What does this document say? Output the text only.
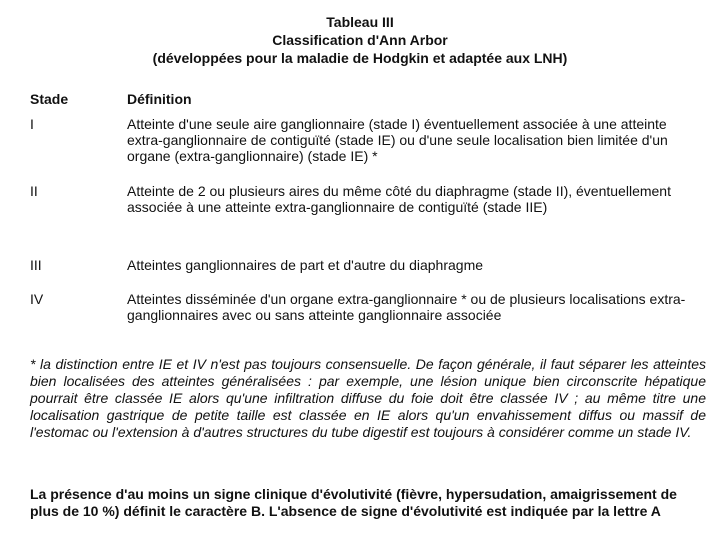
Tableau III
Classification d'Ann Arbor
(développées pour la maladie de Hodgkin et adaptée aux LNH)
Stade	Définition
I	Atteinte d'une seule aire ganglionnaire (stade I) éventuellement associée à une atteinte extra-ganglionnaire de contiguïté (stade IE) ou d'une seule localisation bien limitée d'un organe (extra-ganglionnaire) (stade IE) *
II	Atteinte de 2 ou plusieurs aires du même côté du diaphragme (stade II), éventuellement associée à une atteinte extra-ganglionnaire de contiguïté (stade IIE)
III	Atteintes ganglionnaires de part et d'autre du diaphragme
IV	Atteintes disséminée d'un organe extra-ganglionnaire * ou de plusieurs localisations extra-ganglionnaires avec ou sans atteinte ganglionnaire associée
* la distinction entre IE et IV n'est pas toujours consensuelle. De façon générale, il faut séparer les atteintes bien localisées des atteintes généralisées : par exemple, une lésion unique bien circonscrite hépatique pourrait être classée IE alors qu'une infiltration diffuse du foie doit être classée IV ; au même titre une localisation gastrique de petite taille est classée en IE alors qu'un envahissement diffus ou massif de l'estomac ou l'extension à d'autres structures du tube digestif est toujours à considérer comme un stade IV.
La présence d'au moins un signe clinique d'évolutivité (fièvre, hypersudation, amaigrissement de plus de 10 %) définit le caractère B. L'absence de signe d'évolutivité est indiquée par la lettre A
